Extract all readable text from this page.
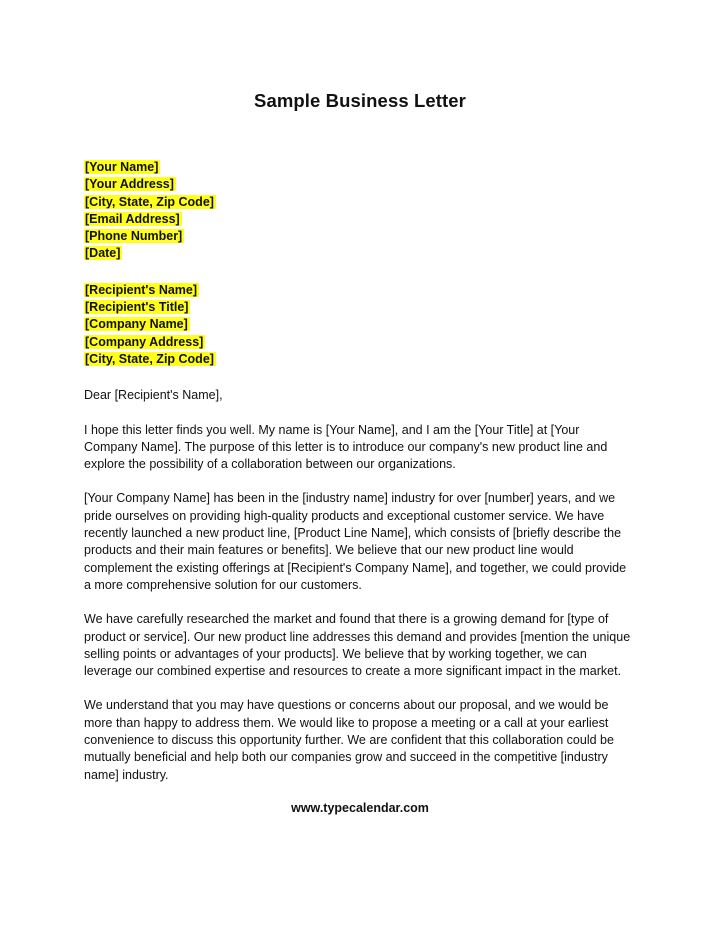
Sample Business Letter
[Your Name]
[Your Address]
[City, State, Zip Code]
[Email Address]
[Phone Number]
[Date]
[Recipient's Name]
[Recipient's Title]
[Company Name]
[Company Address]
[City, State, Zip Code]
Dear [Recipient's Name],

I hope this letter finds you well. My name is [Your Name], and I am the [Your Title] at [Your Company Name]. The purpose of this letter is to introduce our company's new product line and explore the possibility of a collaboration between our organizations.

[Your Company Name] has been in the [industry name] industry for over [number] years, and we pride ourselves on providing high-quality products and exceptional customer service. We have recently launched a new product line, [Product Line Name], which consists of [briefly describe the products and their main features or benefits]. We believe that our new product line would complement the existing offerings at [Recipient's Company Name], and together, we could provide a more comprehensive solution for our customers.

We have carefully researched the market and found that there is a growing demand for [type of product or service]. Our new product line addresses this demand and provides [mention the unique selling points or advantages of your products]. We believe that by working together, we can leverage our combined expertise and resources to create a more significant impact in the market.

We understand that you may have questions or concerns about our proposal, and we would be more than happy to address them. We would like to propose a meeting or a call at your earliest convenience to discuss this opportunity further. We are confident that this collaboration could be mutually beneficial and help both our companies grow and succeed in the competitive [industry name] industry.

www.typecalendar.com
